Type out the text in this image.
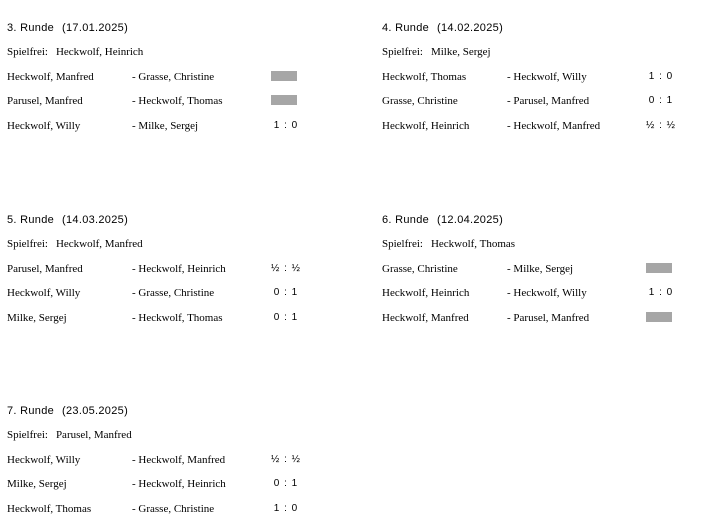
3. Runde (17.01.2025)
Spielfrei: Heckwolf, Heinrich
Heckwolf, Manfred	- Grasse, Christine
Parusel, Manfred	- Heckwolf, Thomas
Heckwolf, Willy	- Milke, Sergej	1 : 0
4. Runde (14.02.2025)
Spielfrei: Milke, Sergej
Heckwolf, Thomas	- Heckwolf, Willy	1 : 0
Grasse, Christine	- Parusel, Manfred	0 : 1
Heckwolf, Heinrich	- Heckwolf, Manfred	½ : ½
5. Runde (14.03.2025)
Spielfrei: Heckwolf, Manfred
Parusel, Manfred	- Heckwolf, Heinrich	½ : ½
Heckwolf, Willy	- Grasse, Christine	0 : 1
Milke, Sergej	- Heckwolf, Thomas	0 : 1
6. Runde (12.04.2025)
Spielfrei: Heckwolf, Thomas
Grasse, Christine	- Milke, Sergej
Heckwolf, Heinrich	- Heckwolf, Willy	1 : 0
Heckwolf, Manfred	- Parusel, Manfred
7. Runde (23.05.2025)
Spielfrei: Parusel, Manfred
Heckwolf, Willy	- Heckwolf, Manfred	½ : ½
Milke, Sergej	- Heckwolf, Heinrich	0 : 1
Heckwolf, Thomas	- Grasse, Christine	1 : 0
